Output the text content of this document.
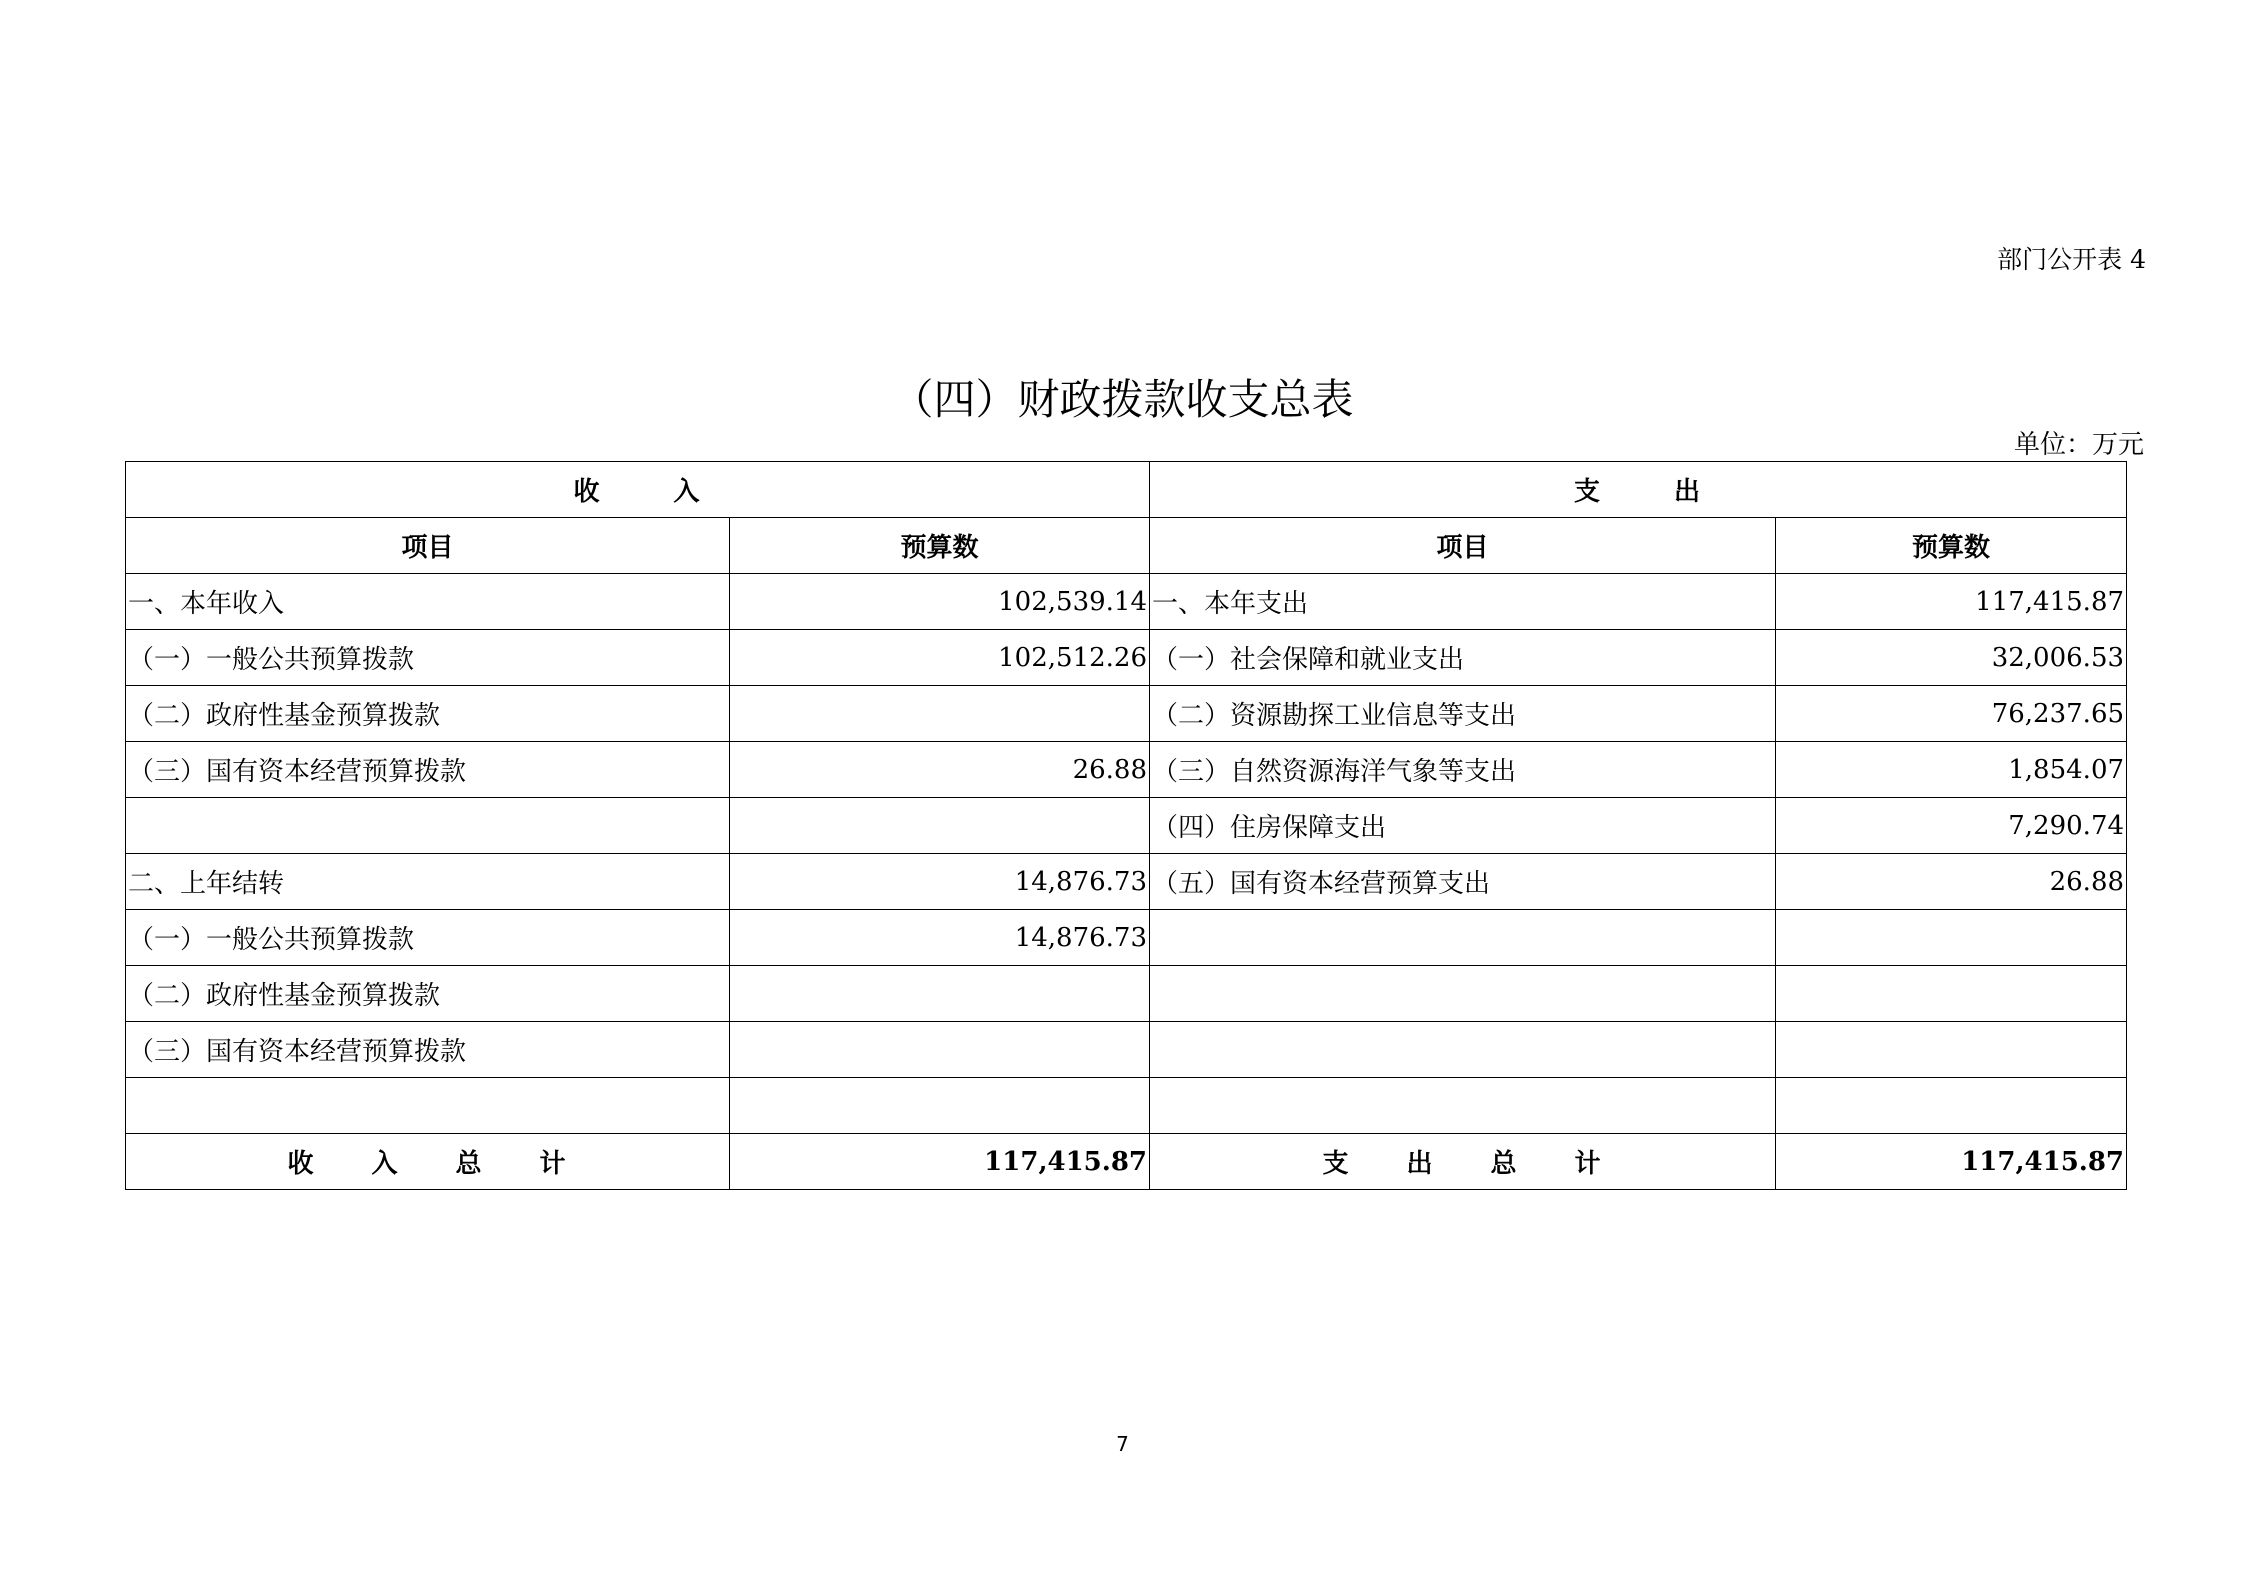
部门公开表 4
（四）财政拨款收支总表
单位：万元
收入		支出	
项目	预算数	项目	预算数
一、本年收入	102,539.14	一、本年支出	117,415.87
（一）一般公共预算拨款	102,512.26	（一）社会保障和就业支出	32,006.53
（二）政府性基金预算拨款		（二）资源勘探工业信息等支出	76,237.65
（三）国有资本经营预算拨款	26.88	（三）自然资源海洋气象等支出	1,854.07
		（四）住房保障支出	7,290.74
二、上年结转	14,876.73	（五）国有资本经营预算支出	26.88
（一）一般公共预算拨款	14,876.73		
（二）政府性基金预算拨款			
（三）国有资本经营预算拨款			

收入总计	117,415.87	支出总计	117,415.87
7
